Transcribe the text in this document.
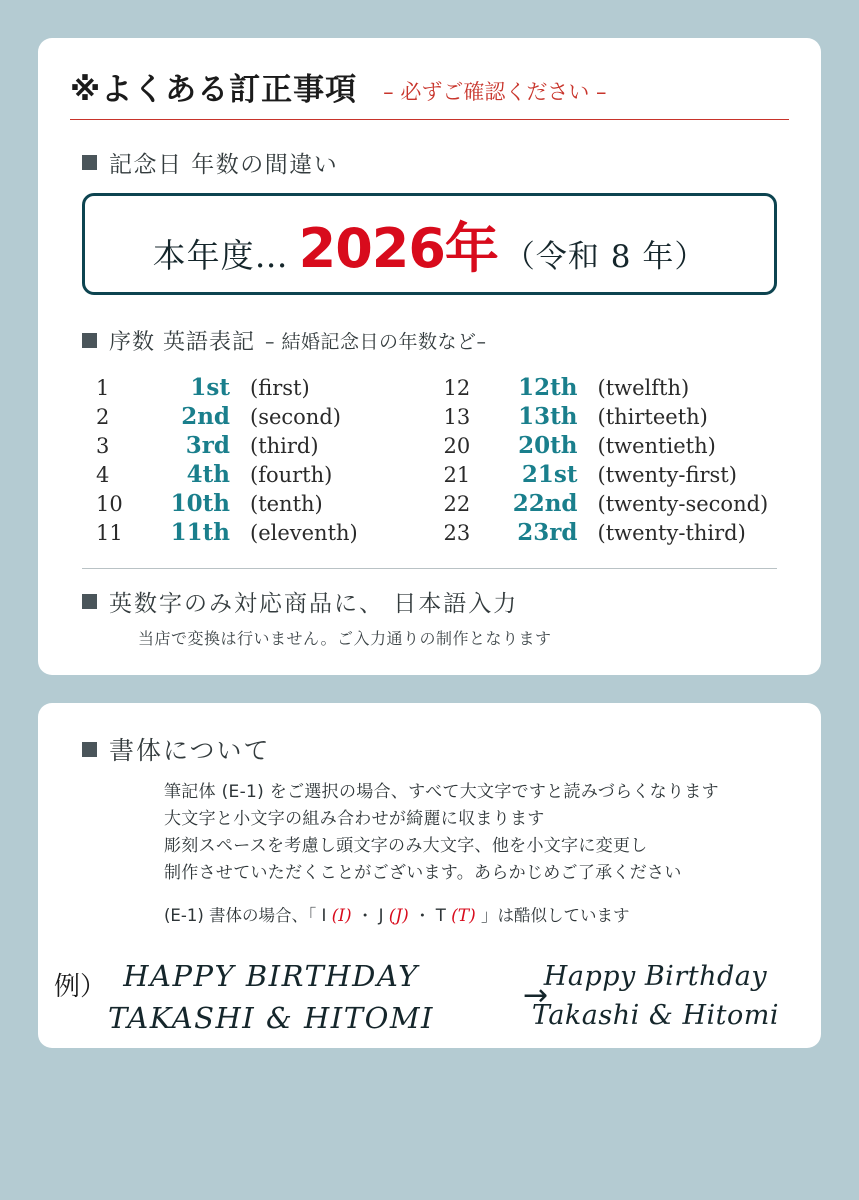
※よくある訂正事項 – 必ずご確認ください –
記念日 年数の間違い
本年度… 2026年 （令和 8 年）
序数 英語表記 – 結婚記念日の年数など–
1	1st (first)
2	2nd (second)
3	3rd (third)
4	4th (fourth)
10	10th (tenth)
11	11th (eleventh)
12	12th (twelfth)
13	13th (thirteeth)
20	20th (twentieth)
21	21st (twenty-first)
22	22nd (twenty-second)
23	23rd (twenty-third)
英数字のみ対応商品に、 日本語入力
当店で変換は行いません。ご入力通りの制作となります
書体について
筆記体 (E-1) をご選択の場合、すべて大文字ですと読みづらくなります
大文字と小文字の組み合わせが綺麗に収まります
彫刻スペースを考慮し頭文字のみ大文字、他を小文字に変更し
制作させていただくことがございます。あらかじめご了承ください
(E-1) 書体の場合、「 I (I) ・ J (J) ・ T (T) 」は酷似しています
例） HAPPY BIRTHDAY
TAKASHI & HITOMI
→
Happy Birthday
Takashi & Hitomi
